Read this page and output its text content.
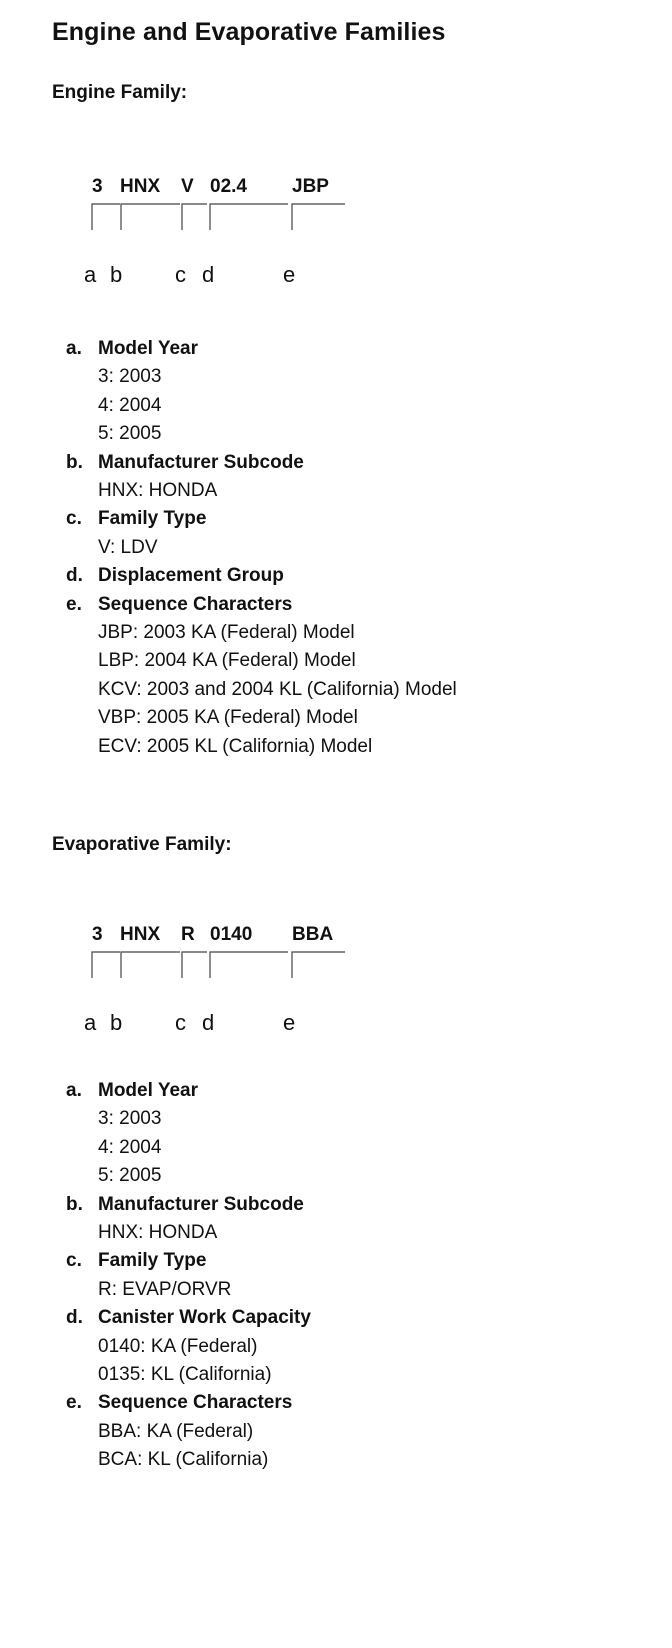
Engine and Evaporative Families
Engine Family:
3 HNX V 02.4 JBP
a b c d	e
a. Model Year
3: 2003
4: 2004
5: 2005
b. Manufacturer Subcode
HNX: HONDA
c. Family Type
V: LDV
d. Displacement Group
e. Sequence Characters
JBP: 2003 KA (Federal) Model
LBP: 2004 KA (Federal) Model
KCV: 2003 and 2004 KL (California) Model
VBP: 2005 KA (Federal) Model
ECV: 2005 KL (California) Model
Evaporative Family:
3 HNX R 0140 BBA
a b c d	e
a. Model Year
3: 2003
4: 2004
5: 2005
b. Manufacturer Subcode
HNX: HONDA
c. Family Type
R: EVAP/ORVR
d. Canister Work Capacity
0140: KA (Federal)
0135: KL (California)
e. Sequence Characters
BBA: KA (Federal)
BCA: KL (California)
